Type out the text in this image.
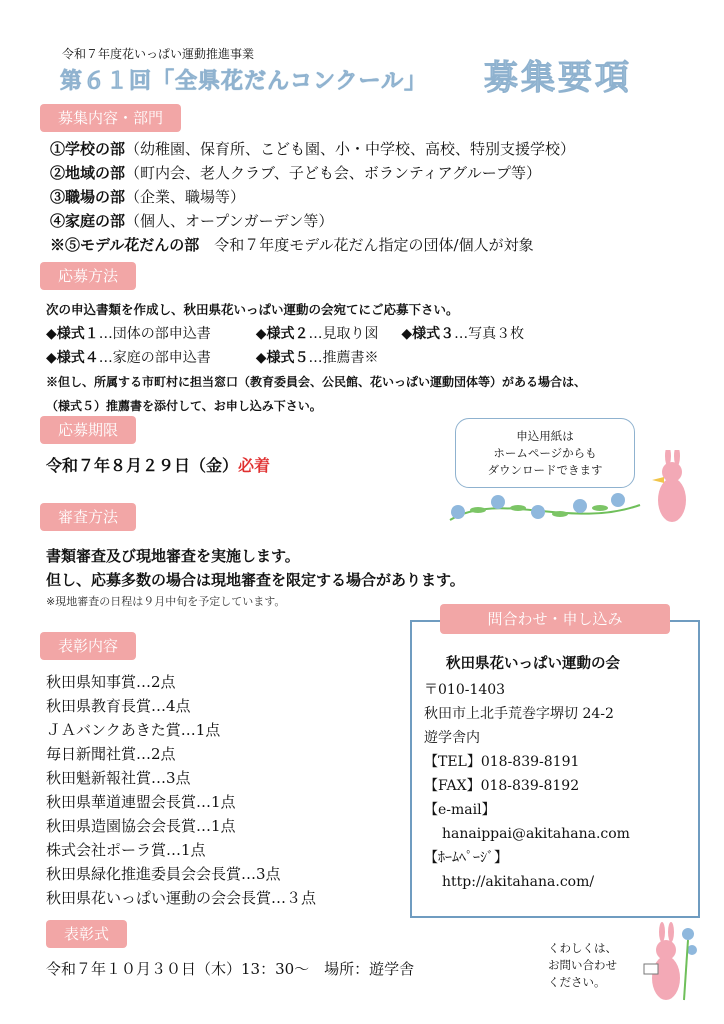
令和７年度花いっぱい運動推進事業
第６１回「全県花だんコンクール」 募集要項
募集内容・部門
①学校の部（幼稚園、保育所、こども園、小・中学校、高校、特別支援学校）
②地域の部（町内会、老人クラブ、子ども会、ボランティアグループ等）
③職場の部（企業、職場等）
④家庭の部（個人、オープンガーデン等）
※⑤モデル花だんの部　令和７年度モデル花だん指定の団体/個人が対象
応募方法
次の申込書類を作成し、秋田県花いっぱい運動の会宛てにご応募下さい。
◆様式１…団体の部申込書	◆様式２…見取り図 ◆様式３…写真３枚
◆様式４…家庭の部申込書	◆様式５…推薦書※
※但し、所属する市町村に担当窓口（教育委員会、公民館、花いっぱい運動団体等）がある場合は、
（様式５）推薦書を添付して、お申し込み下さい。
応募期限
令和７年８月２９日（金）必着
申込用紙は
ホームページからも
ダウンロードできます
審査方法
書類審査及び現地審査を実施します。
但し、応募多数の場合は現地審査を限定する場合があります。
※現地審査の日程は９月中旬を予定しています。
表彰内容
秋田県知事賞…2点
秋田県教育長賞…4点
ＪＡバンクあきた賞…1点
毎日新聞社賞…2点
秋田魁新報社賞…3点
秋田県華道連盟会長賞…1点
秋田県造園協会会長賞…1点
株式会社ポーラ賞…1点
秋田県緑化推進委員会会長賞…3点
秋田県花いっぱい運動の会会長賞…３点
表彰式
令和７年１０月３０日（木）13：30～　場所：遊学舎
問合わせ・申し込み
秋田県花いっぱい運動の会
〒010-1403
秋田市上北手荒巻字堺切 24-2
遊学舎内
【TEL】018-839-8191
【FAX】018-839-8192
【e-mail】
hanaippai@akitahana.com
【ﾎｰﾑﾍﾟｰｼﾞ】
http://akitahana.com/
くわしくは、
お問い合わせ
ください。
